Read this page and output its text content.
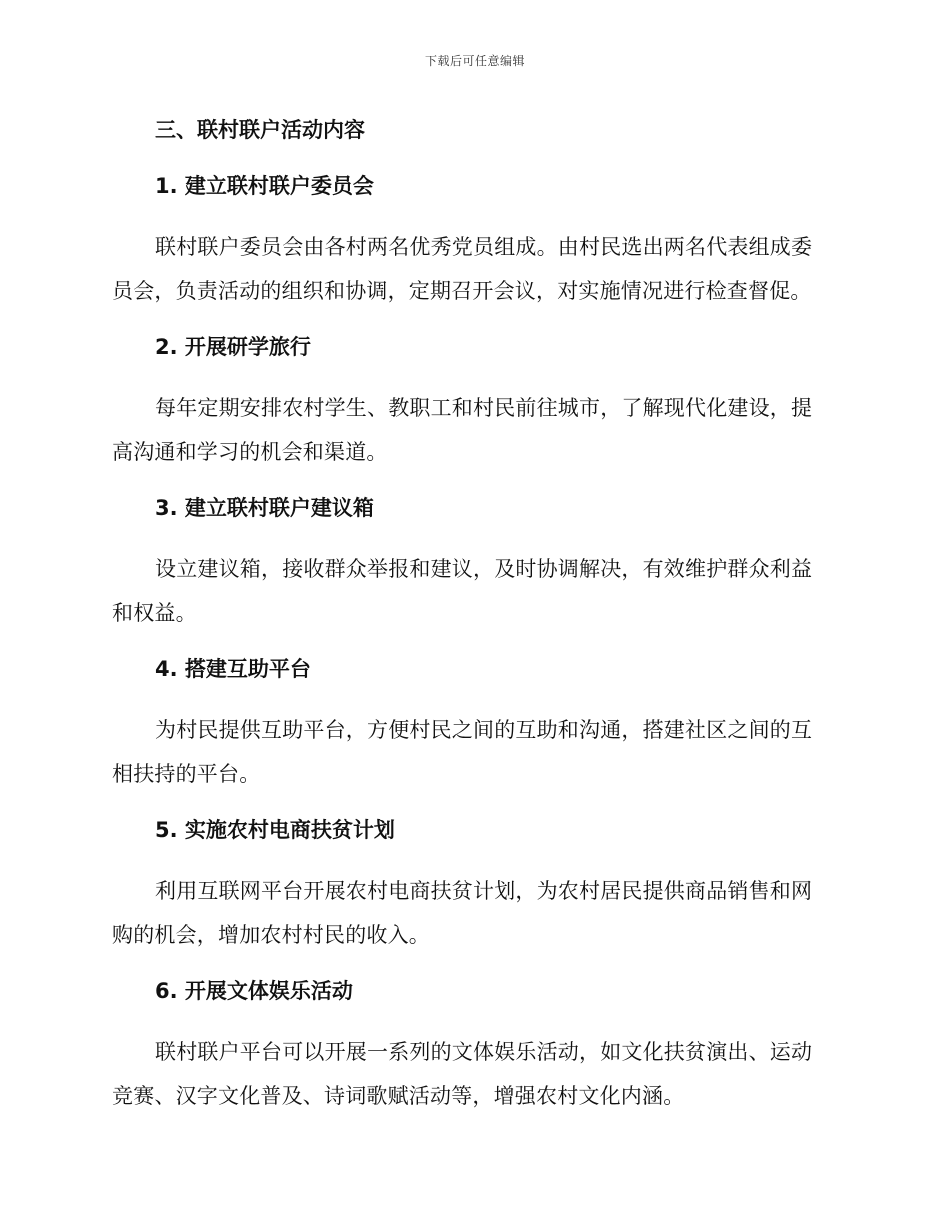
下载后可任意编辑
三、联村联户活动内容
1. 建立联村联户委员会

联村联户委员会由各村两名优秀党员组成。由村民选出两名代表组成委员会，负责活动的组织和协调，定期召开会议，对实施情况进行检查督促。

2. 开展研学旅行

每年定期安排农村学生、教职工和村民前往城市，了解现代化建设，提高沟通和学习的机会和渠道。

3. 建立联村联户建议箱

设立建议箱，接收群众举报和建议，及时协调解决，有效维护群众利益和权益。

4. 搭建互助平台

为村民提供互助平台，方便村民之间的互助和沟通，搭建社区之间的互相扶持的平台。

5. 实施农村电商扶贫计划

利用互联网平台开展农村电商扶贫计划，为农村居民提供商品销售和网购的机会，增加农村村民的收入。

6. 开展文体娱乐活动

联村联户平台可以开展一系列的文体娱乐活动，如文化扶贫演出、运动竞赛、汉字文化普及、诗词歌赋活动等，增强农村文化内涵。
